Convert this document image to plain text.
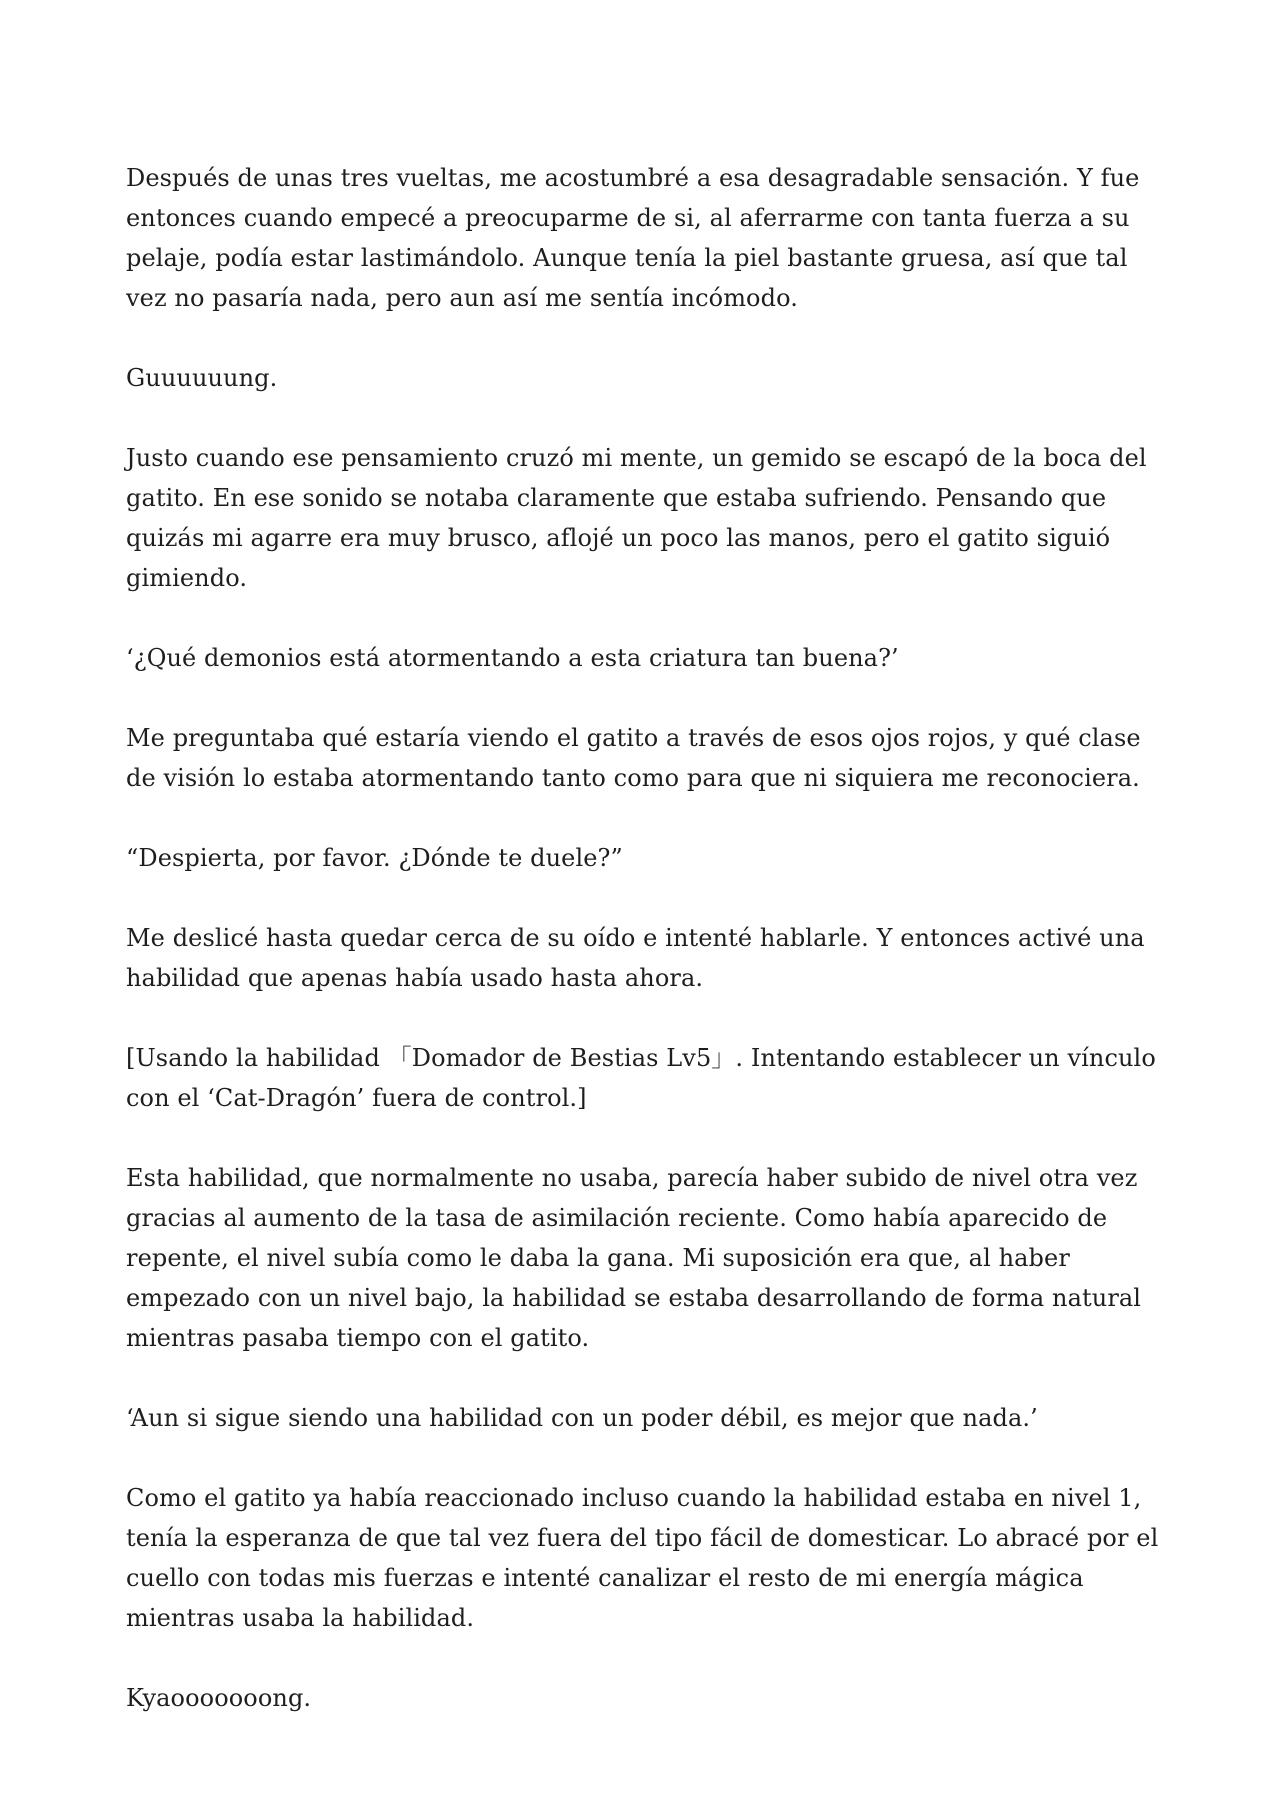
Después de unas tres vueltas, me acostumbré a esa desagradable sensación. Y fue entonces cuando empecé a preocuparme de si, al aferrarme con tanta fuerza a su pelaje, podía estar lastimándolo. Aunque tenía la piel bastante gruesa, así que tal vez no pasaría nada, pero aun así me sentía incómodo.

Guuuuuung.

Justo cuando ese pensamiento cruzó mi mente, un gemido se escapó de la boca del gatito. En ese sonido se notaba claramente que estaba sufriendo. Pensando que quizás mi agarre era muy brusco, aflojé un poco las manos, pero el gatito siguió gimiendo.

‘¿Qué demonios está atormentando a esta criatura tan buena?’

Me preguntaba qué estaría viendo el gatito a través de esos ojos rojos, y qué clase de visión lo estaba atormentando tanto como para que ni siquiera me reconociera.

“Despierta, por favor. ¿Dónde te duele?”

Me deslicé hasta quedar cerca de su oído e intenté hablarle. Y entonces activé una habilidad que apenas había usado hasta ahora.

[Usando la habilidad 「Domador de Bestias Lv5」. Intentando establecer un vínculo con el ‘Cat-Dragón’ fuera de control.]

Esta habilidad, que normalmente no usaba, parecía haber subido de nivel otra vez gracias al aumento de la tasa de asimilación reciente. Como había aparecido de repente, el nivel subía como le daba la gana. Mi suposición era que, al haber empezado con un nivel bajo, la habilidad se estaba desarrollando de forma natural mientras pasaba tiempo con el gatito.

‘Aun si sigue siendo una habilidad con un poder débil, es mejor que nada.’

Como el gatito ya había reaccionado incluso cuando la habilidad estaba en nivel 1, tenía la esperanza de que tal vez fuera del tipo fácil de domesticar. Lo abracé por el cuello con todas mis fuerzas e intenté canalizar el resto de mi energía mágica mientras usaba la habilidad.

Kyaooooooong.
